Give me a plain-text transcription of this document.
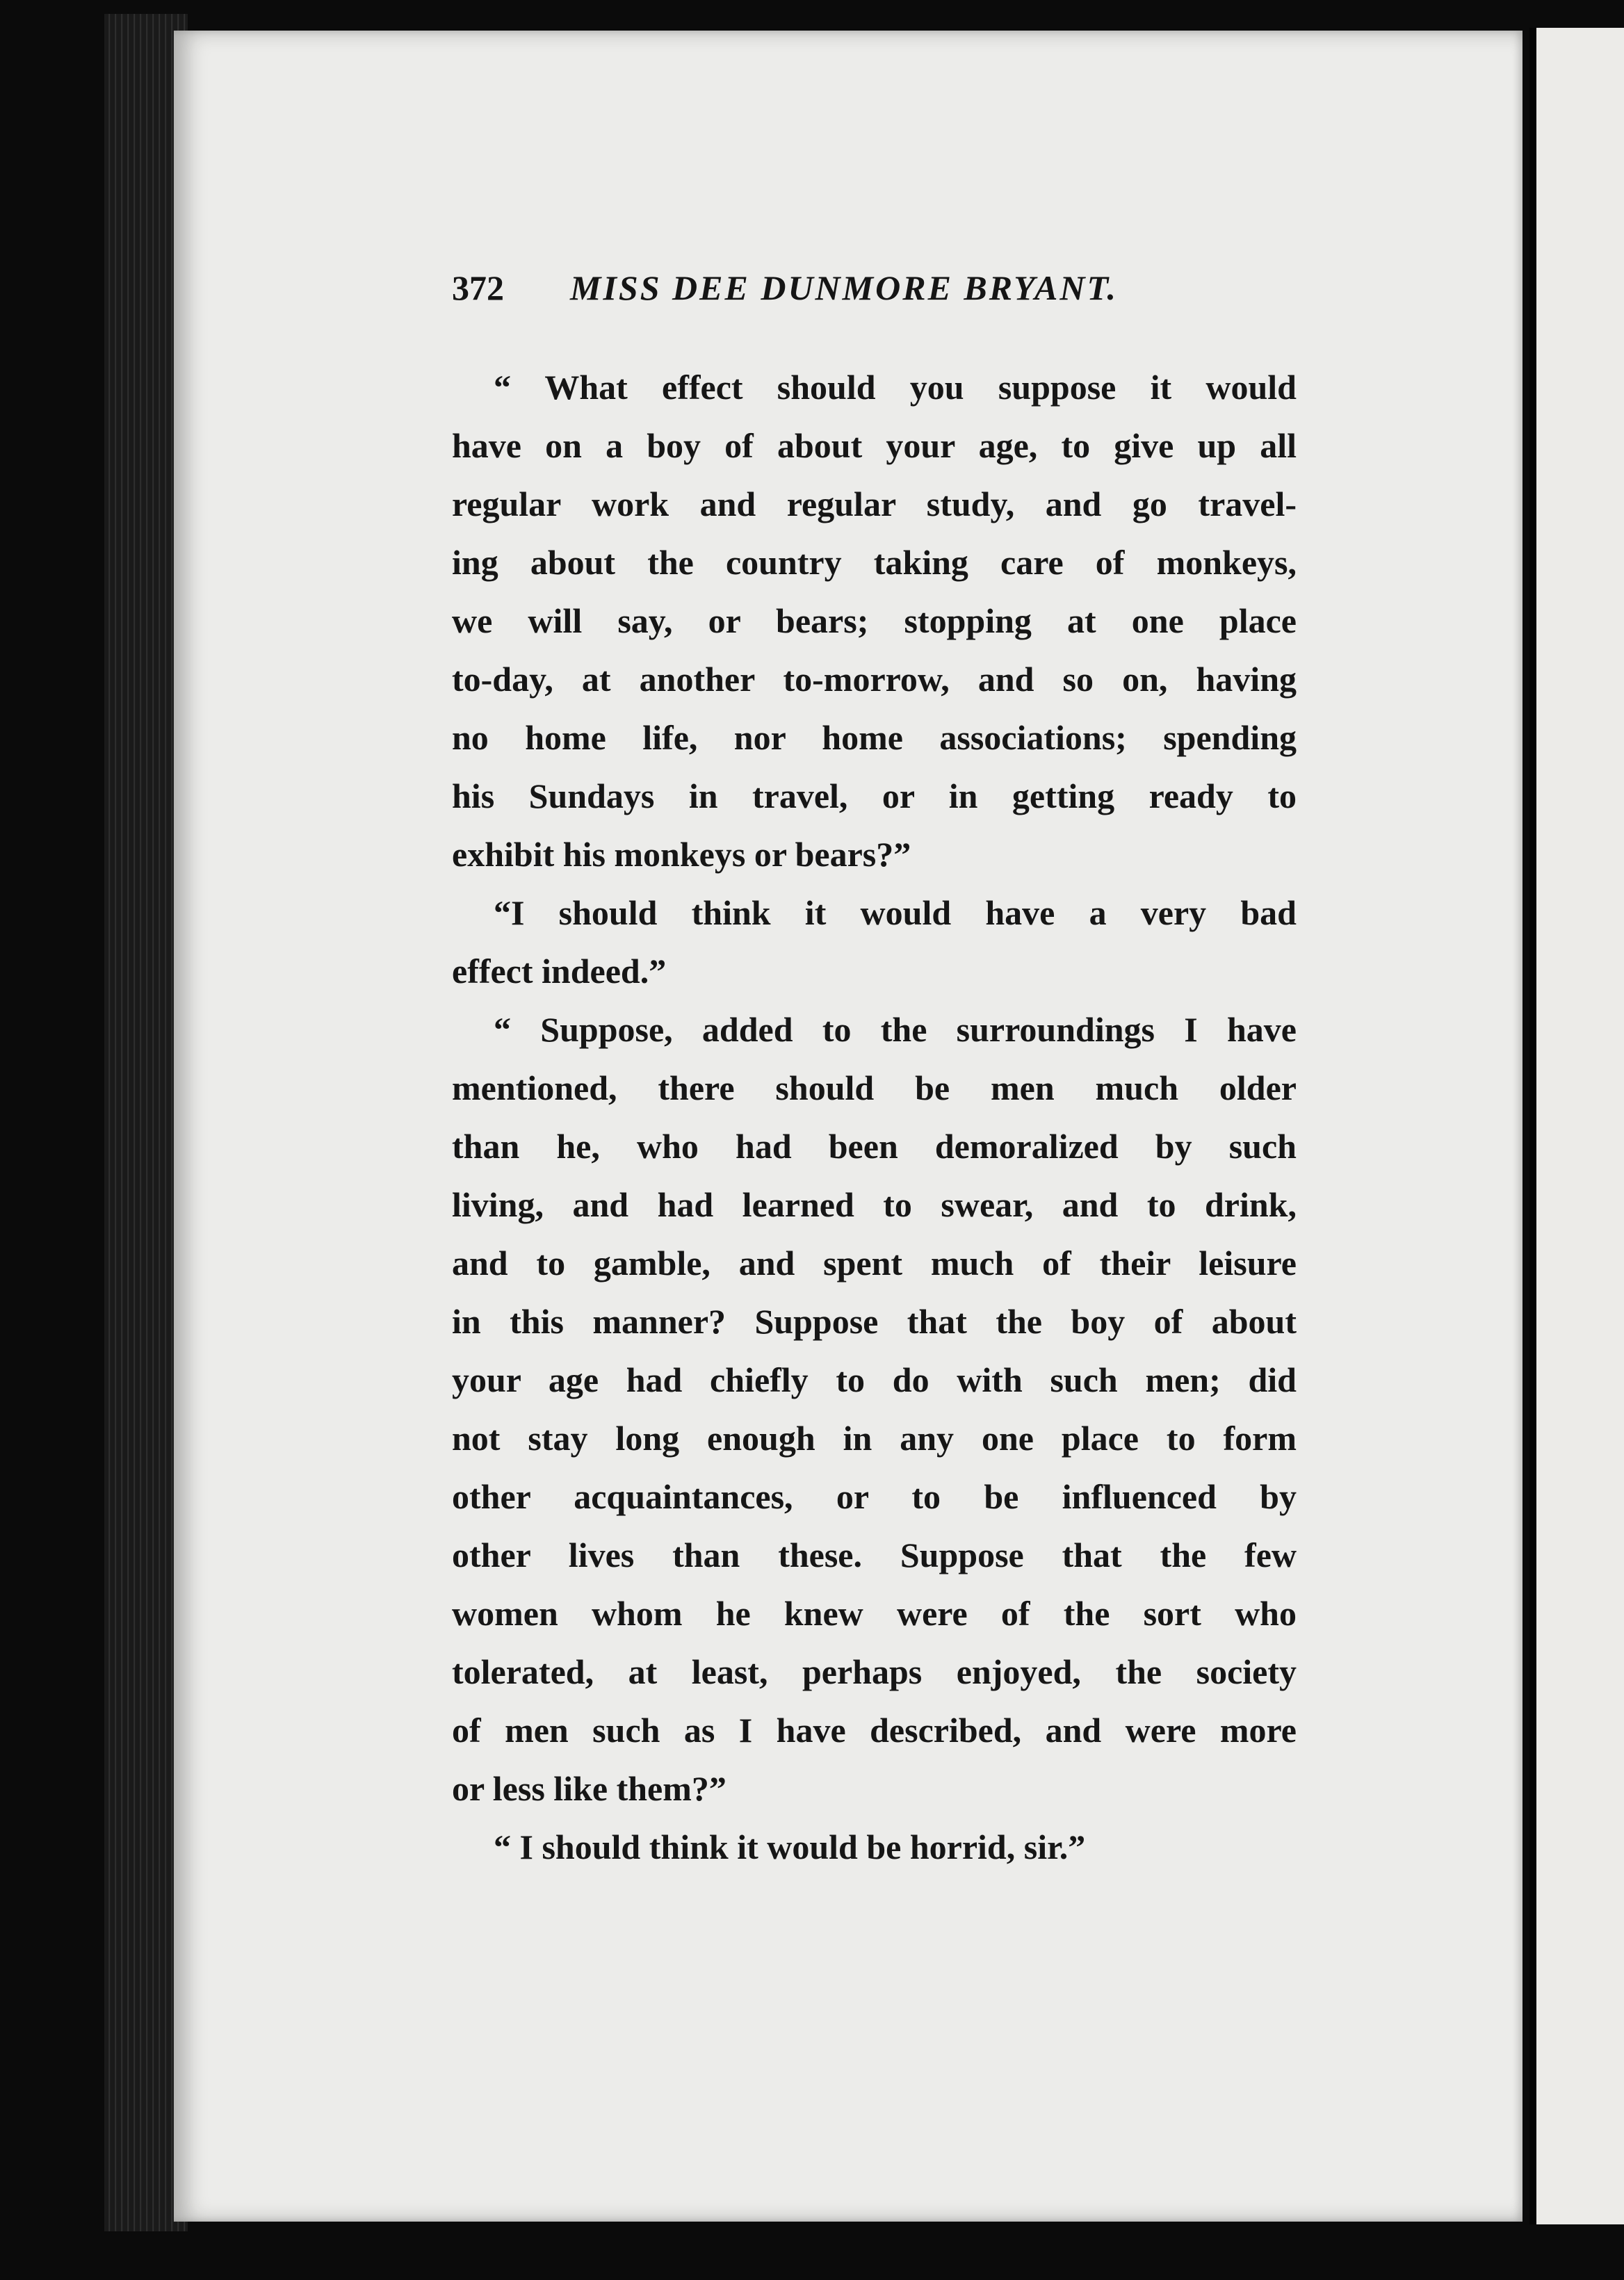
372 MISS DEE DUNMORE BRYANT.
“ What effect should you suppose it would
have on a boy of about your age, to give up all
regular work and regular study, and go travel-
ing about the country taking care of monkeys,
we will say, or bears; stopping at one place
to-day, at another to-morrow, and so on, having
no home life, nor home associations; spending
his Sundays in travel, or in getting ready to
exhibit his monkeys or bears?”
“I should think it would have a very bad
effect indeed.”
“ Suppose, added to the surroundings I have
mentioned, there should be men much older
than he, who had been demoralized by such
living, and had learned to swear, and to drink,
and to gamble, and spent much of their leisure
in this manner? Suppose that the boy of about
your age had chiefly to do with such men; did
not stay long enough in any one place to form
other acquaintances, or to be influenced by
other lives than these. Suppose that the few
women whom he knew were of the sort who
tolerated, at least, perhaps enjoyed, the society
of men such as I have described, and were more
or less like them?”
“ I should think it would be horrid, sir.”
